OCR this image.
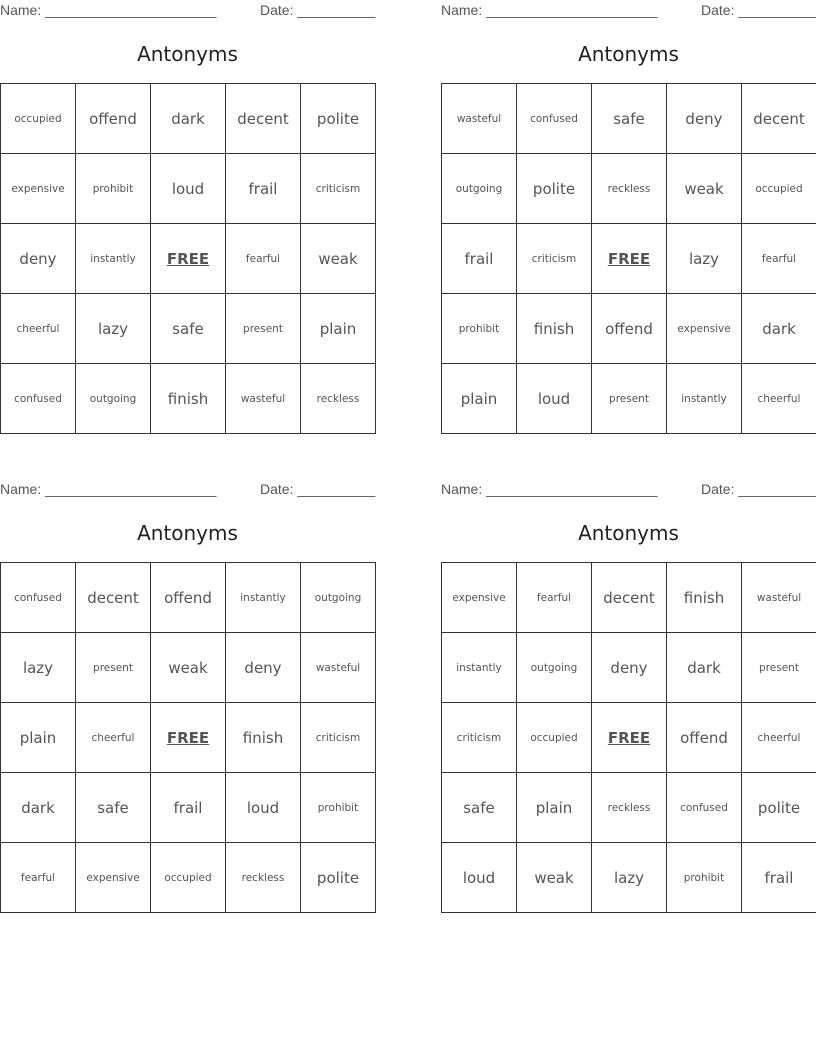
Name: ______________________	Date: __________
Antonyms
occupied	offend	dark	decent	polite
expensive	prohibit	loud	frail	criticism
deny	instantly	FREE	fearful	weak
cheerful	lazy	safe	present	plain
confused	outgoing	finish	wasteful	reckless
Name: ______________________	Date: __________
Antonyms
wasteful	confused	safe	deny	decent
outgoing	polite	reckless	weak	occupied
frail	criticism	FREE	lazy	fearful
prohibit	finish	offend	expensive	dark
plain	loud	present	instantly	cheerful
Name: ______________________	Date: __________
Antonyms
confused	decent	offend	instantly	outgoing
lazy	present	weak	deny	wasteful
plain	cheerful	FREE	finish	criticism
dark	safe	frail	loud	prohibit
fearful	expensive	occupied	reckless	polite
Name: ______________________	Date: __________
Antonyms
expensive	fearful	decent	finish	wasteful
instantly	outgoing	deny	dark	present
criticism	occupied	FREE	offend	cheerful
safe	plain	reckless	confused	polite
loud	weak	lazy	prohibit	frail
